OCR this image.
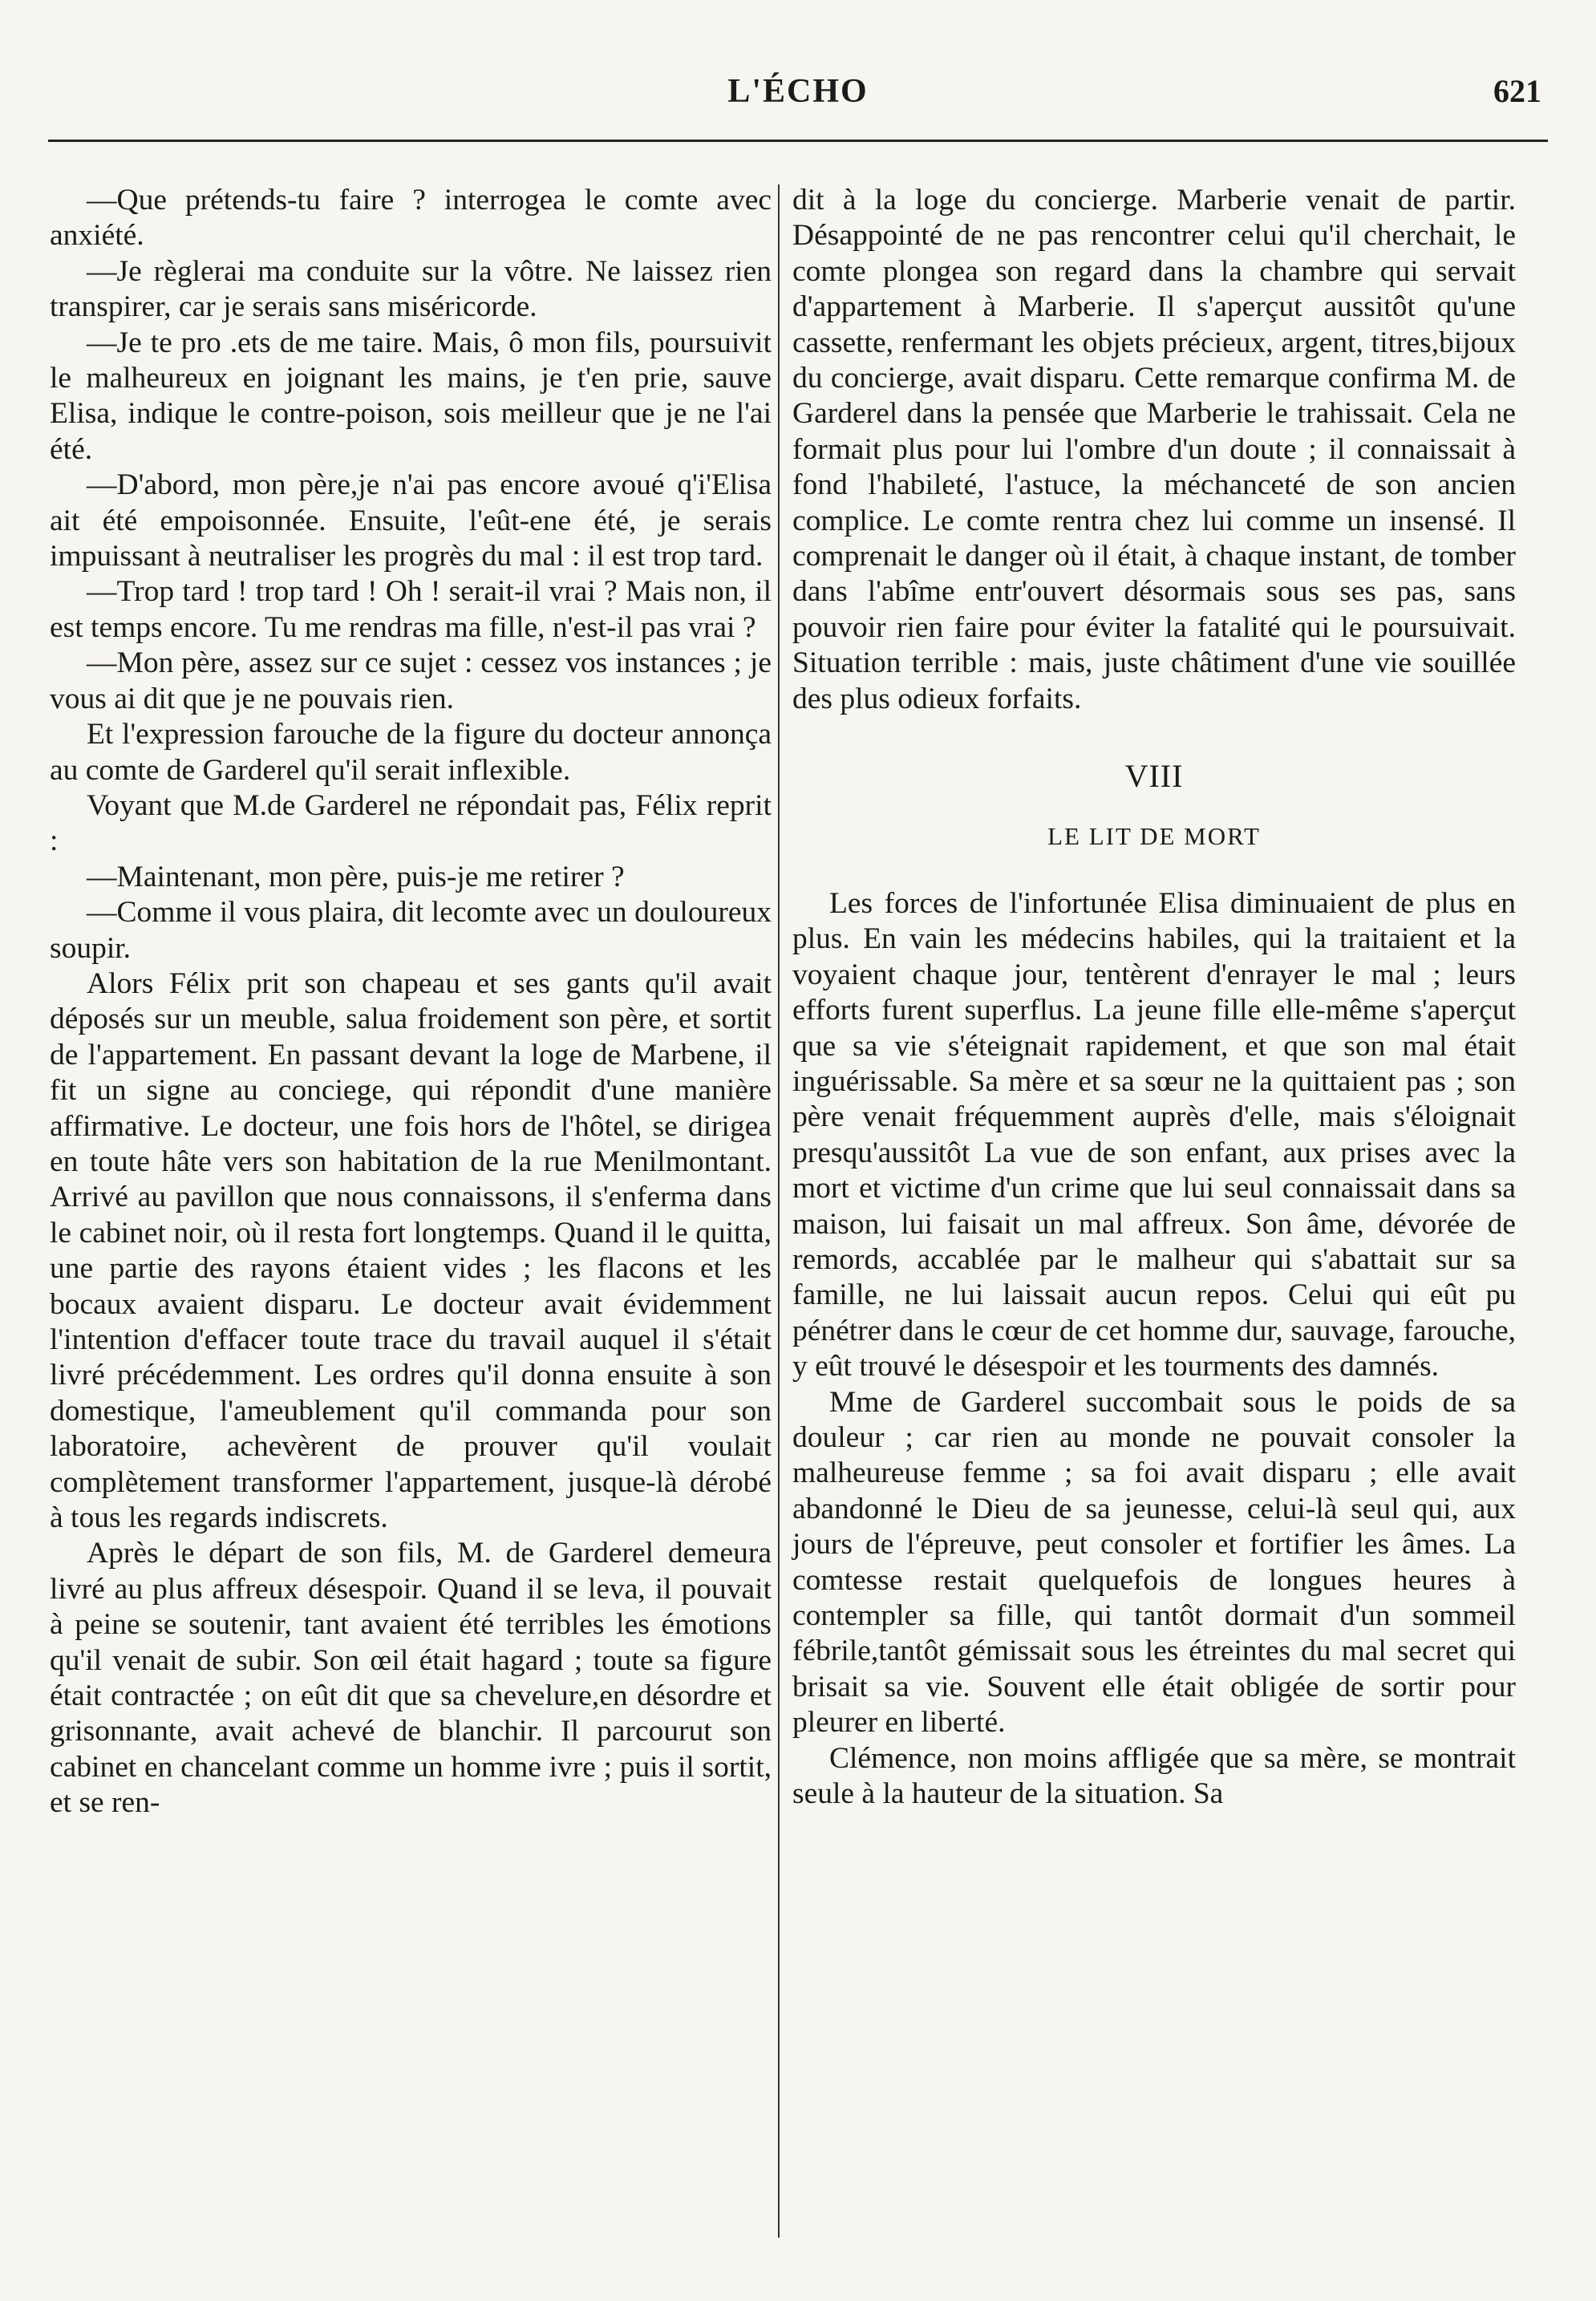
L'ÉCHO	621

—Que prétends-tu faire ? interrogea le comte avec anxiété.

—Je règlerai ma conduite sur la vôtre. Ne laissez rien transpirer, car je serais sans miséricorde.

—Je te pro .ets de me taire. Mais, ô mon fils, poursuivit le malheureux en joignant les mains, je t'en prie, sauve Elisa, indique le contre-poison, sois meilleur que je ne l'ai été.

—D'abord, mon père,je n'ai pas encore avoué q'i'Elisa ait été empoisonnée. Ensuite, l'eût-ene été, je serais impuissant à neutraliser les progrès du mal : il est trop tard.

—Trop tard ! trop tard ! Oh ! serait-il vrai ? Mais non, il est temps encore. Tu me rendras ma fille, n'est-il pas vrai ?

—Mon père, assez sur ce sujet : cessez vos instances ; je vous ai dit que je ne pouvais rien.

Et l'expression farouche de la figure du docteur annonça au comte de Garderel qu'il serait inflexible.

Voyant que M.de Garderel ne répondait pas, Félix reprit :

—Maintenant, mon père, puis-je me retirer ?

—Comme il vous plaira, dit lecomte avec un douloureux soupir.

Alors Félix prit son chapeau et ses gants qu'il avait déposés sur un meuble, salua froidement son père, et sortit de l'appartement. En passant devant la loge de Marbene, il fit un signe au conciege, qui répondit d'une manière affirmative. Le docteur, une fois hors de l'hôtel, se dirigea en toute hâte vers son habitation de la rue Menilmontant. Arrivé au pavillon que nous connaissons, il s'enferma dans le cabinet noir, où il resta fort longtemps. Quand il le quitta, une partie des rayons étaient vides ; les flacons et les bocaux avaient disparu. Le docteur avait évidemment l'intention d'effacer toute trace du travail auquel il s'était livré précédemment. Les ordres qu'il donna ensuite à son domestique, l'ameublement qu'il commanda pour son laboratoire, achevèrent de prouver qu'il voulait complètement transformer l'appartement, jusque-là dérobé à tous les regards indiscrets.

Après le départ de son fils, M. de Garderel demeura livré au plus affreux désespoir. Quand il se leva, il pouvait à peine se soutenir, tant avaient été terribles les émotions qu'il venait de subir. Son œil était hagard ; toute sa figure était contractée ; on eût dit que sa chevelure,en désordre et grisonnante, avait achevé de blanchir. Il parcourut son cabinet en chancelant comme un homme ivre ; puis il sortit, et se ren-

dit à la loge du concierge. Marberie venait de partir. Désappointé de ne pas rencontrer celui qu'il cherchait, le comte plongea son regard dans la chambre qui servait d'appartement à Marberie. Il s'aperçut aussitôt qu'une cassette, renfermant les objets précieux, argent, titres,bijoux du concierge, avait disparu. Cette remarque confirma M. de Garderel dans la pensée que Marberie le trahissait. Cela ne formait plus pour lui l'ombre d'un doute ; il connaissait à fond l'habileté, l'astuce, la méchanceté de son ancien complice. Le comte rentra chez lui comme un insensé. Il comprenait le danger où il était, à chaque instant, de tomber dans l'abîme entr'ouvert désormais sous ses pas, sans pouvoir rien faire pour éviter la fatalité qui le poursuivait. Situation terrible : mais, juste châtiment d'une vie souillée des plus odieux forfaits.

VIII
LE LIT DE MORT

Les forces de l'infortunée Elisa diminuaient de plus en plus. En vain les médecins habiles, qui la traitaient et la voyaient chaque jour, tentèrent d'enrayer le mal ; leurs efforts furent superflus. La jeune fille elle-même s'aperçut que sa vie s'éteignait rapidement, et que son mal était inguérissable. Sa mère et sa sœur ne la quittaient pas ; son père venait fréquemment auprès d'elle, mais s'éloignait presqu'aussitôt La vue de son enfant, aux prises avec la mort et victime d'un crime que lui seul connaissait dans sa maison, lui faisait un mal affreux. Son âme, dévorée de remords, accablée par le malheur qui s'abattait sur sa famille, ne lui laissait aucun repos. Celui qui eût pu pénétrer dans le cœur de cet homme dur, sauvage, farouche, y eût trouvé le désespoir et les tourments des damnés.

Mme de Garderel succombait sous le poids de sa douleur ; car rien au monde ne pouvait consoler la malheureuse femme ; sa foi avait disparu ; elle avait abandonné le Dieu de sa jeunesse, celui-là seul qui, aux jours de l'épreuve, peut consoler et fortifier les âmes. La comtesse restait quelquefois de longues heures à contempler sa fille, qui tantôt dormait d'un sommeil fébrile,tantôt gémissait sous les étreintes du mal secret qui brisait sa vie. Souvent elle était obligée de sortir pour pleurer en liberté.

Clémence, non moins affligée que sa mère, se montrait seule à la hauteur de la situation. Sa
